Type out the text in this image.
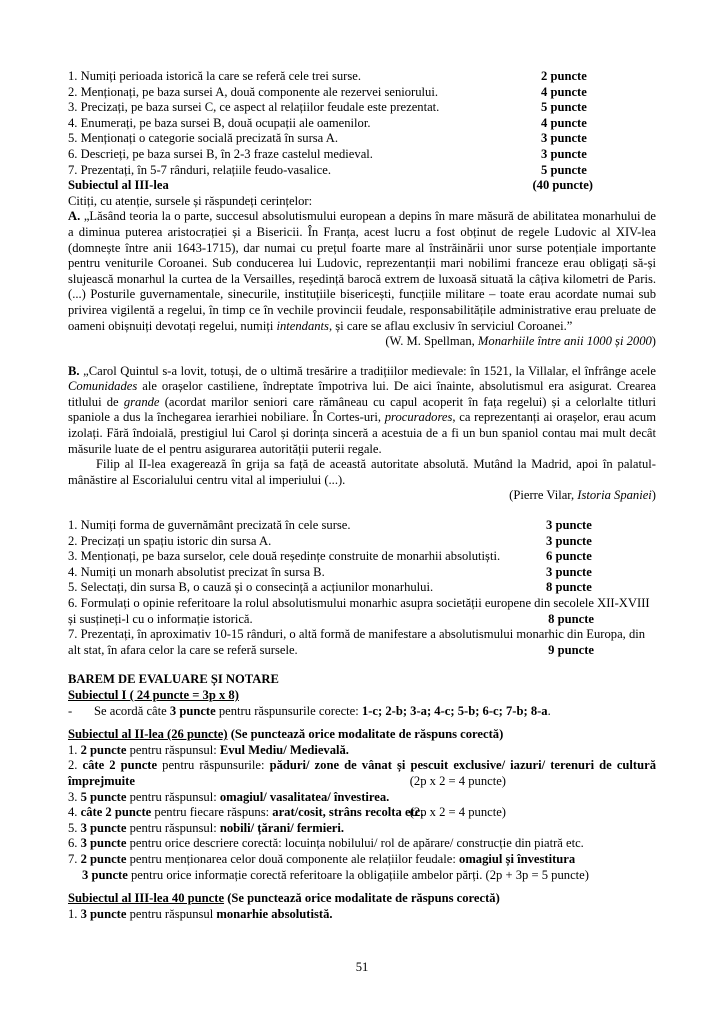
1. Numiți perioada istorică la care se referă cele trei surse.	2 puncte
2. Menționați, pe baza sursei A, două componente ale rezervei seniorului.	4 puncte
3. Precizați, pe baza sursei C, ce aspect al relațiilor feudale este prezentat.	5 puncte
4. Enumerați, pe baza sursei B, două ocupații ale oamenilor.	4 puncte
5. Menționați o categorie socială precizată în sursa A.	3 puncte
6. Descrieți, pe baza sursei B, în 2-3 fraze castelul medieval.	3 puncte
7. Prezentați, în 5-7 rânduri, relațiile feudo-vasalice.	5 puncte
Subiectul al III-lea	(40 puncte)

Citiți, cu atenție, sursele și răspundeți cerințelor:

A. „Lăsând teoria la o parte, succesul absolutismului european a depins în mare măsură de abilitatea monarhului de a diminua puterea aristocrației și a Bisericii. În Franța, acest lucru a fost obținut de regele Ludovic al XIV-lea (domnește între anii 1643-1715), dar numai cu prețul foarte mare al înstrăinării unor surse potențiale importante pentru veniturile Coroanei. Sub conducerea lui Ludovic, reprezentanții mari nobilimi franceze erau obligați să-și slujească monarhul la curtea de la Versailles, reședință barocă extrem de luxoasă situată la câțiva kilometri de Paris. (...) Posturile guvernamentale, sinecurile, instituțiile bisericești, funcțiile militare – toate erau acordate numai sub privirea vigilentă a regelui, în timp ce în vechile provincii feudale, responsabilitățile administrative erau preluate de oameni obișnuiți devotați regelui, numiți intendants, și care se aflau exclusiv în serviciul Coroanei.”

(W. M. Spellman, Monarhiile între anii 1000 și 2000)

B. „Carol Quintul s-a lovit, totuși, de o ultimă tresărire a tradițiilor medievale: în 1521, la Villalar, el înfrânge acele Comunidades ale orașelor castiliene, îndreptate împotriva lui. De aici înainte, absolutismul era asigurat. Crearea titlului de grande (acordat marilor seniori care rămâneau cu capul acoperit în fața regelui) și a celorlalte titluri spaniole a dus la închegarea ierarhiei nobiliare. În Cortes-uri, procuradores, ca reprezentanți ai orașelor, erau acum izolați. Fără îndoială, prestigiul lui Carol și dorința sinceră a acestuia de a fi un bun spaniol contau mai mult decât măsurile luate de el pentru asigurarea autorității puterii regale.

Filip al II-lea exagerează în grija sa față de această autoritate absolută. Mutând la Madrid, apoi în palatul-mânăstire al Escorialului centru vital al imperiului (...).

(Pierre Vilar, Istoria Spaniei)

1. Numiți forma de guvernământ precizată în cele surse.	3 puncte
2. Precizați un spațiu istoric din sursa A.	3 puncte
3. Menționați, pe baza surselor, cele două reședințe construite de monarhii absolutiști.	6 puncte
4. Numiți un monarh absolutist precizat în sursa B.	3 puncte
5. Selectați, din sursa B, o cauză și o consecință a acțiunilor monarhului.	8 puncte
6. Formulați o opinie referitoare la rolul absolutismului monarhic asupra societății europene din secolele XII-XVIII și susțineți-l cu o informație istorică.	8 puncte
7. Prezentați, în aproximativ 10-15 rânduri, o altă formă de manifestare a absolutismului monarhic din Europa, din alt stat, în afara celor la care se referă sursele.	9 puncte

BAREM DE EVALUARE ȘI NOTARE

Subiectul I ( 24 puncte = 3p x 8)

- Se acordă câte 3 puncte pentru răspunsurile corecte: 1-c; 2-b; 3-a; 4-c; 5-b; 6-c; 7-b; 8-a.

Subiectul al II-lea (26 puncte) (Se punctează orice modalitate de răspuns corectă)

1. 2 puncte pentru răspunsul: Evul Mediu/ Medievală.

2. câte 2 puncte pentru răspunsurile: păduri/ zone de vânat și pescuit exclusive/ iazuri/ terenuri de cultură împrejmuite	(2p x 2 = 4 puncte)

3. 5 puncte pentru răspunsul: omagiul/ vasalitatea/ învestirea.

4. câte 2 puncte pentru fiecare răspuns: arat/cosit, strâns recolta etc.
(2p x 2 = 4 puncte)

5. 3 puncte pentru răspunsul: nobili/ țărani/ fermieri.

6. 3 puncte pentru orice descriere corectă: locuința nobilului/ rol de apărare/ construcție din piatră etc.

7. 2 puncte pentru menționarea celor două componente ale relațiilor feudale: omagiul și învestitura

3 puncte pentru orice informație corectă referitoare la obligațiile ambelor părți. (2p + 3p = 5 puncte)

Subiectul al III-lea 40 puncte (Se punctează orice modalitate de răspuns corectă)

1. 3 puncte pentru răspunsul monarhie absolutistă.

51
